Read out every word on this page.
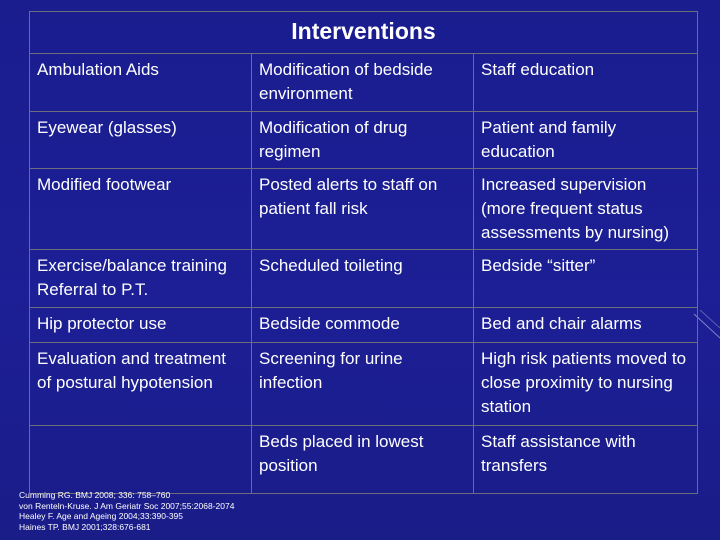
Interventions		
Ambulation Aids	Modification of bedside environment	Staff education
Eyewear (glasses)	Modification of drug regimen	Patient and family education
Modified footwear	Posted alerts to staff on patient fall risk	Increased supervision (more frequent status assessments by nursing)
Exercise/balance training Referral to P.T.	Scheduled toileting	Bedside “sitter”
Hip protector use	Bedside commode	Bed and chair alarms
Evaluation and treatment of postural hypotension	Screening for urine infection	High risk patients moved to close proximity to nursing station
	Beds placed in lowest position	Staff assistance with transfers
Cumming RG. BMJ 2008; 336: 758–760
von Renteln-Kruse. J Am Geriatr Soc 2007;55:2068-2074
Healey F. Age and Ageing 2004;33:390-395
Haines TP. BMJ 2001;328:676-681
